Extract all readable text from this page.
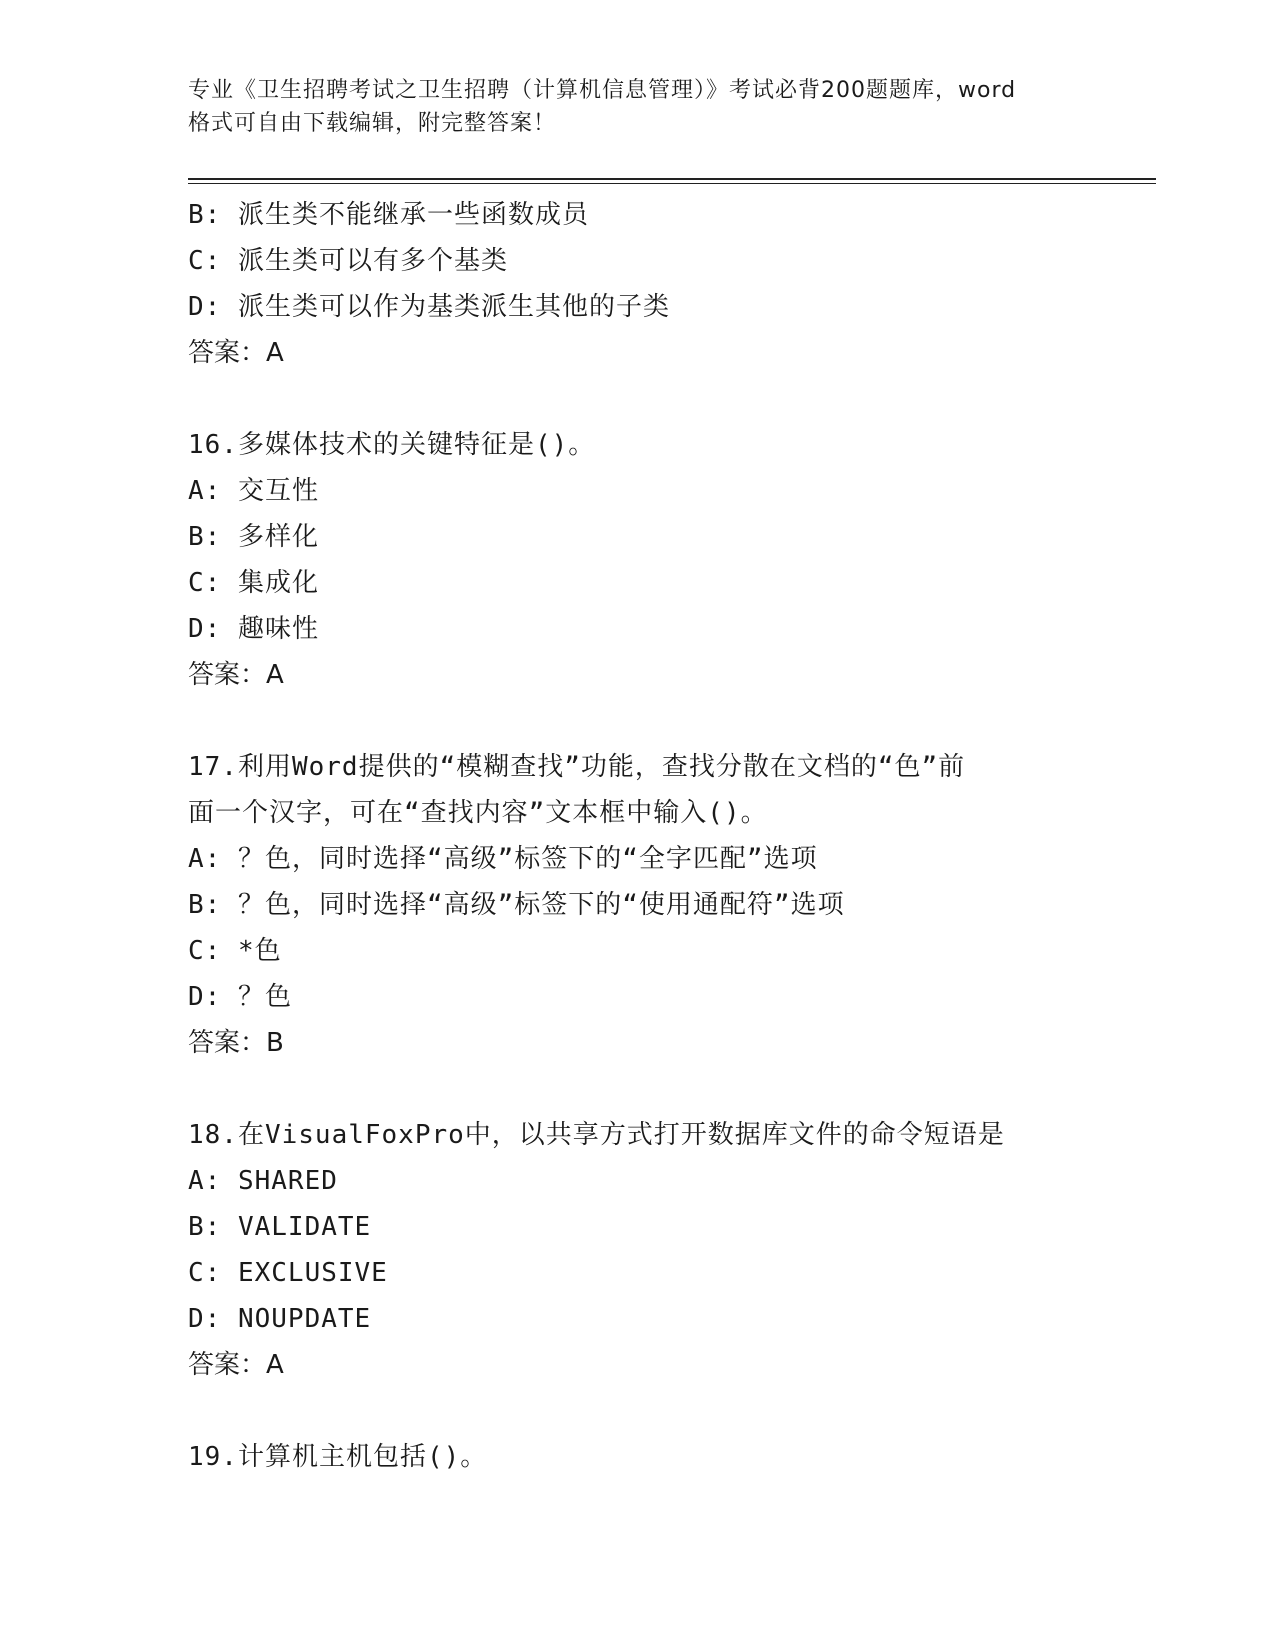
专业《卫生招聘考试之卫生招聘（计算机信息管理）》考试必背200题题库，word
格式可自由下载编辑，附完整答案！
B: 派生类不能继承一些函数成员
C: 派生类可以有多个基类
D: 派生类可以作为基类派生其他的子类
答案：A
16.多媒体技术的关键特征是()。
A: 交互性
B: 多样化
C: 集成化
D: 趣味性
答案：A
17.利用Word提供的“模糊查找”功能，查找分散在文档的“色”前
面一个汉字，可在“查找内容”文本框中输入()。
A: ？色，同时选择“高级”标签下的“全字匹配”选项
B: ？色，同时选择“高级”标签下的“使用通配符”选项
C: *色
D: ？色
答案：B
18.在VisualFoxPro中，以共享方式打开数据库文件的命令短语是
A: SHARED
B: VALIDATE
C: EXCLUSIVE
D: NOUPDATE
答案：A
19.计算机主机包括()。
